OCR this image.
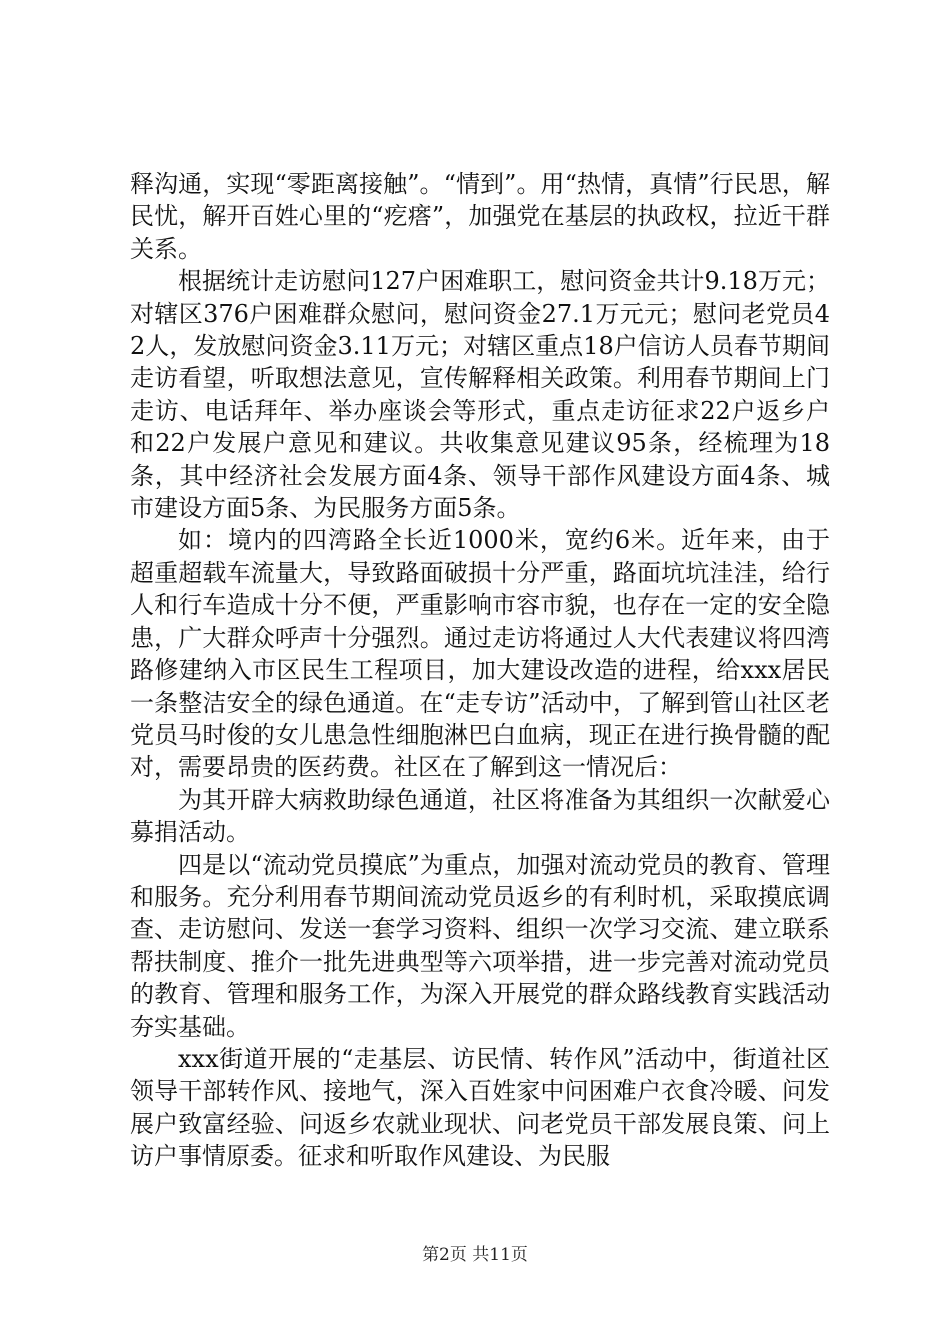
释沟通，实现“零距离接触”。“情到”。用“热情，真情”行民思，解民忧，解开百姓心里的“疙瘩”，加强党在基层的执政权，拉近干群关系。

根据统计走访慰问127户困难职工，慰问资金共计9.18万元；对辖区376户困难群众慰问，慰问资金27.1万元元；慰问老党员42人，发放慰问资金3.11万元；对辖区重点18户信访人员春节期间走访看望，听取想法意见，宣传解释相关政策。利用春节期间上门走访、电话拜年、举办座谈会等形式，重点走访征求22户返乡户和22户发展户意见和建议。共收集意见建议95条，经梳理为18条，其中经济社会发展方面4条、领导干部作风建设方面4条、城市建设方面5条、为民服务方面5条。

如：境内的四湾路全长近1000米，宽约6米。近年来，由于超重超载车流量大，导致路面破损十分严重，路面坑坑洼洼，给行人和行车造成十分不便，严重影响市容市貌，也存在一定的安全隐患，广大群众呼声十分强烈。通过走访将通过人大代表建议将四湾路修建纳入市区民生工程项目，加大建设改造的进程，给xxx居民一条整洁安全的绿色通道。在“走专访”活动中，了解到管山社区老党员马时俊的女儿患急性细胞淋巴白血病，现正在进行换骨髓的配对，需要昂贵的医药费。社区在了解到这一情况后：

为其开辟大病救助绿色通道，社区将准备为其组织一次献爱心募捐活动。

四是以“流动党员摸底”为重点，加强对流动党员的教育、管理和服务。充分利用春节期间流动党员返乡的有利时机，采取摸底调查、走访慰问、发送一套学习资料、组织一次学习交流、建立联系帮扶制度、推介一批先进典型等六项举措，进一步完善对流动党员的教育、管理和服务工作，为深入开展党的群众路线教育实践活动夯实基础。

xxx街道开展的“走基层、访民情、转作风”活动中，街道社区领导干部转作风、接地气，深入百姓家中问困难户衣食冷暖、问发展户致富经验、问返乡农就业现状、问老党员干部发展良策、问上访户事情原委。征求和听取作风建设、为民服

第2页 共11页
